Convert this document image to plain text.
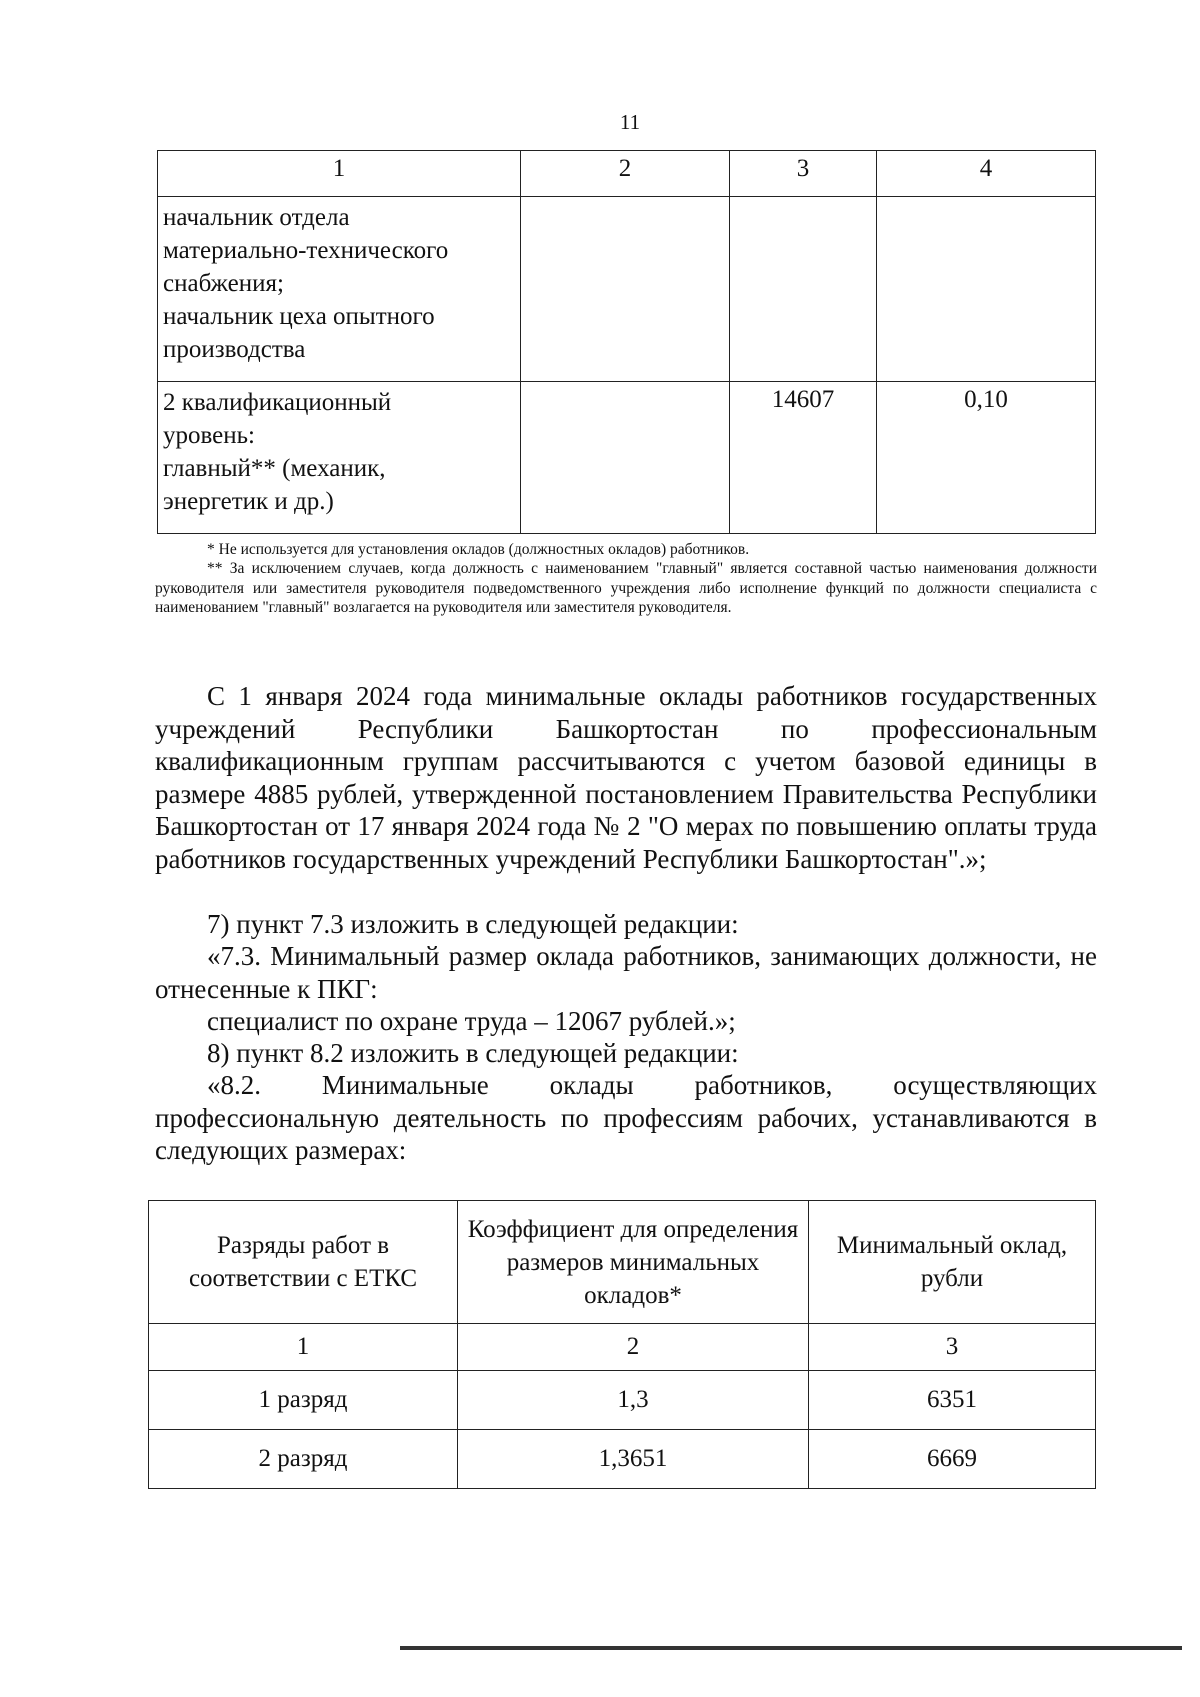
11
1	2	3	4

начальник отдела
материально-технического
снабжения;
начальник цеха опытного
производства			

2 квалификационный
уровень:
главный** (механик,
энергетик и др.)		14607	0,10
* Не используется для установления окладов (должностных окладов) работников.
** За исключением случаев, когда должность с наименованием "главный" является составной частью наименования должности руководителя или заместителя руководителя подведомственного учреждения либо исполнение функций по должности специалиста с наименованием "главный" возлагается на руководителя или заместителя руководителя.
С 1 января 2024 года минимальные оклады работников государственных учреждений Республики Башкортостан по профессиональным квалификационным группам рассчитываются с учетом базовой единицы в размере 4885 рублей, утвержденной постановлением Правительства Республики Башкортостан от 17 января 2024 года № 2 "О мерах по повышению оплаты труда работников государственных учреждений Республики Башкортостан".»;
7) пункт 7.3 изложить в следующей редакции:
«7.3. Минимальный размер оклада работников, занимающих должности, не отнесенные к ПКГ:
специалист по охране труда – 12067 рублей.»;
8) пункт 8.2 изложить в следующей редакции:
«8.2. Минимальные оклады работников, осуществляющих профессиональную деятельность по профессиям рабочих, устанавливаются в следующих размерах:
Разряды работ в соответствии с ЕТКС	Коэффициент для определения размеров минимальных окладов*	Минимальный оклад, рубли
1	2	3
1 разряд	1,3	6351
2 разряд	1,3651	6669
